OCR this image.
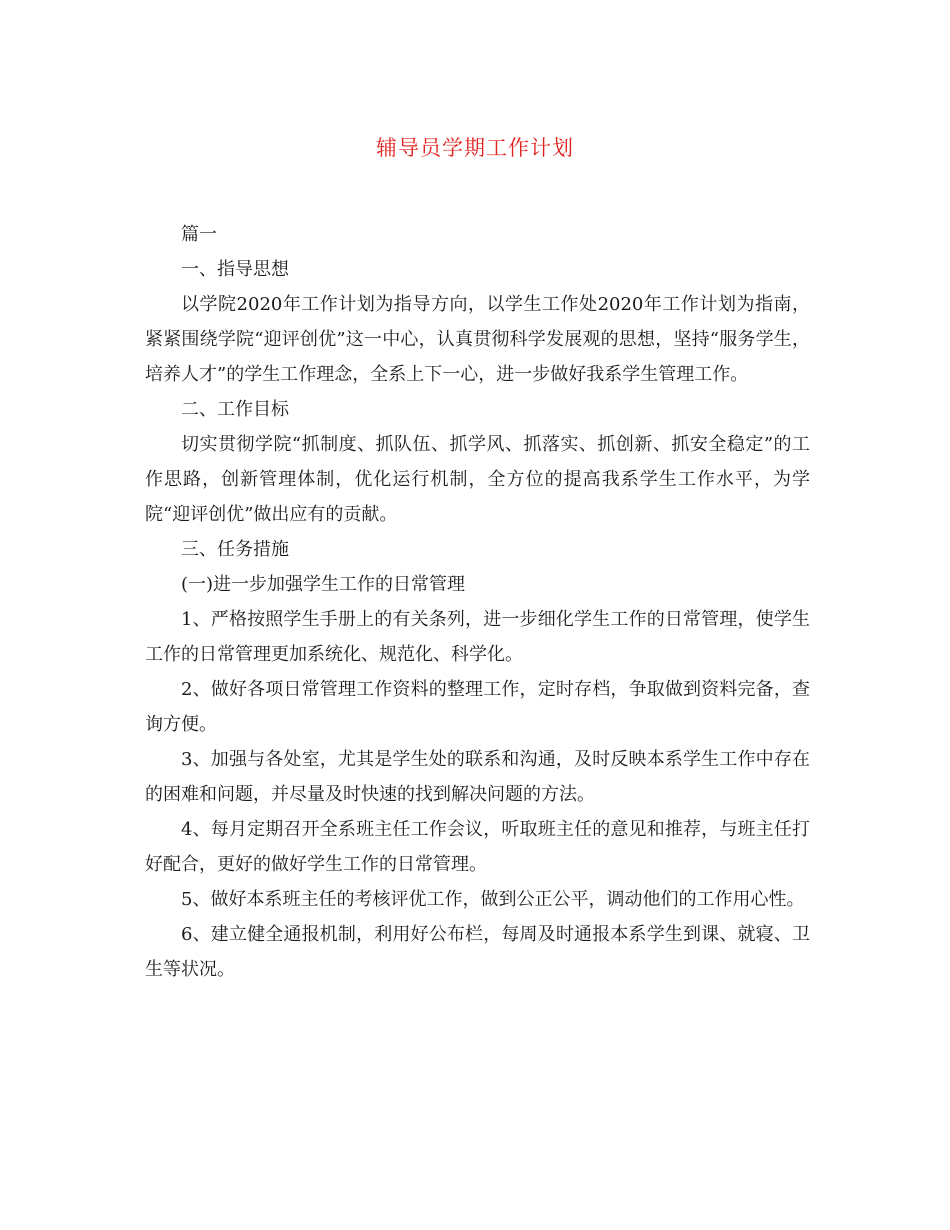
辅导员学期工作计划

篇一

一、指导思想

以学院2020年工作计划为指导方向，以学生工作处2020年工作计划为指南，紧紧围绕学院“迎评创优”这一中心，认真贯彻科学发展观的思想，坚持“服务学生，培养人才”的学生工作理念，全系上下一心，进一步做好我系学生管理工作。

二、工作目标

切实贯彻学院“抓制度、抓队伍、抓学风、抓落实、抓创新、抓安全稳定”的工作思路，创新管理体制，优化运行机制，全方位的提高我系学生工作水平，为学院“迎评创优”做出应有的贡献。

三、任务措施

(一)进一步加强学生工作的日常管理

1、严格按照学生手册上的有关条列，进一步细化学生工作的日常管理，使学生工作的日常管理更加系统化、规范化、科学化。

2、做好各项日常管理工作资料的整理工作，定时存档，争取做到资料完备，查询方便。

3、加强与各处室，尤其是学生处的联系和沟通，及时反映本系学生工作中存在的困难和问题，并尽量及时快速的找到解决问题的方法。

4、每月定期召开全系班主任工作会议，听取班主任的意见和推荐，与班主任打好配合，更好的做好学生工作的日常管理。

5、做好本系班主任的考核评优工作，做到公正公平，调动他们的工作用心性。

6、建立健全通报机制，利用好公布栏，每周及时通报本系学生到课、就寝、卫生等状况。
